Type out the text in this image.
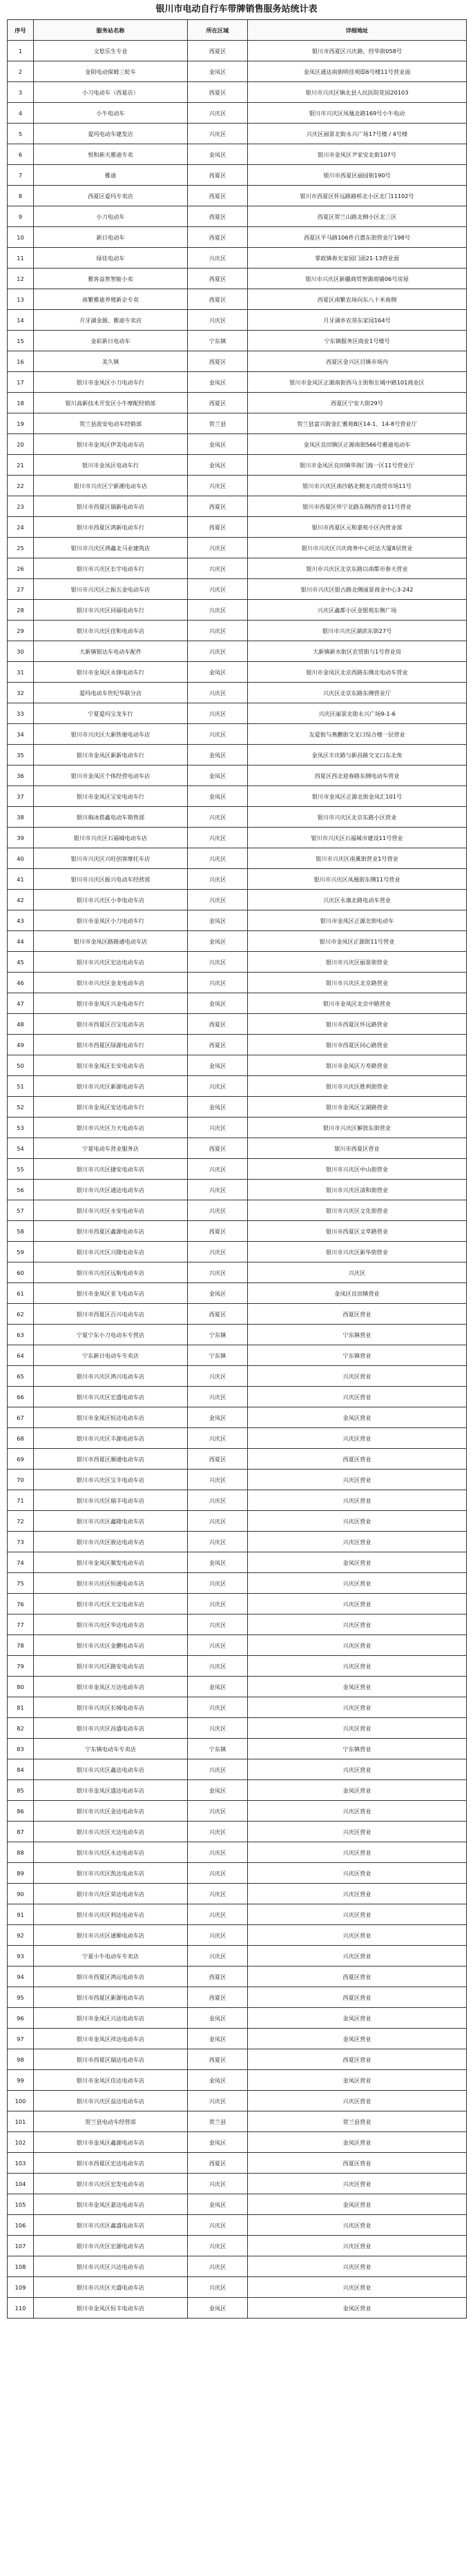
银川市电动自行车带牌销售服务站统计表
序号	服务站名称	所在区域	详细地址
1	文悠乐生专业	西夏区	银川市西夏区兴庆路，经华街058号
2	金阳电动保姆三轮车	金凤区	金凤区通达南街明佳观邸6号楼11号营业面
3	小刀电动车（西夏店）	西夏区	银川市兴庆区镇北县人民医院花园20103
4	小牛电动车	兴庆区	银川市兴庆区凤凰北路169号小牛电动
5	爱玛电动车建发店	兴庆区	兴庆区丽景北街永兴广场17号楼 / 4号楼
6	悦和新天雅迪专卖	金凤区	银川市金凤区尹家安北街107号
7	雅迪	西夏区	银川市西夏区丽园街190号
8	西夏区爱玛专卖店	西夏区	银川市西夏区怀远路路桥北小区北门11102号
9	小刀电动车	西夏区	西夏区贺兰山路北侧小区北三区
10	新日电动车	西夏区	西夏区平马路106件百惠东街营业厅198号
11	绿佳电动车	兴庆区	掌政镇春光家园门面21-13营业面
12	雅客益智智能小卖	西夏区	银川市兴庆区新疆商贸智源商铺06号房屋
13	南繁雅迪养殖新企专卖	西夏区	西夏区南繁农场向东八十米南侧
14	月牙湖金源、雅迪专卖店	兴庆区	月牙湖乡农垦东家园164号
15	金彩新日电动车	宁东镇	宁东镇服务区商业1号楼号
16	美久镇	西夏区	西夏区金兴区目镇市场内
17	银川市金凤区小刀电动车行	金凤区	银川市金凤区正源南街西马主街和长城中路101商业区
18	银川高新技术开发区小牛摩配经销部	西夏区	西夏区宁安大街29号
19	贺兰县波安电动车经销部	贺兰县	贺兰县富兴街金汇雅苑B区14-1、14-8号营业厅
20	银川市金凤区伊美电动车店	金凤区	金凤区良田镇区正源南街566号雅迪电动车
21	银川市金凤区电动车行	金凤区	银川市金凤区良田镇华海门海一区11号营业厅
22	银川市兴庆区宁新湘电动车店	兴庆区	银川市兴庆区南沙路北侧龙兴商贸市场11号
23	银川市西夏区瑞新电动车店	西夏区	银川市西夏区怀宁北路东侧西营业11号营业
24	银川市西夏区鸿新电动车行	西夏区	银川市西夏区元和嘉苑小区内营业部
25	银川市兴庆区鸿鑫北马业建筑店	兴庆区	银川市兴庆区兴庆商务中心旺达大厦8层营业
26	银川市兴庆区长宇电动车行	兴庆区	银川市兴庆区北京东路以南都市春天营业
27	银川市兴庆区之振五金电动车店	兴庆区	银川市兴庆区银古路北侧丽景商业中心3-242
28	银川市兴庆区同福电动车行	兴庆区	兴庆区鑫都小区金银苑东侧广场
29	银川市兴庆区佳和电动车店	兴庆区	银川市兴庆区湖滨东街27号
30	大新镇银达车电动车配件	兴庆区	大新镇新水街区农贸街与1号营业房
31	银川市金凤区永锋电动车行	金凤区	银川市金凤区北京西路东侧北电动车营业
32	爱玛电动车世纪华联分店	兴庆区	兴庆区北京东路东侧营业厅
33	宁夏爱玛宝龙车行	兴庆区	兴庆区丽景北街永兴广场9-1-6
34	银川市兴庆区大新铁驰电动车店	兴庆区	友爱街与燕鹏街交叉口综合楼一层营业
35	银川市金凤区新新电动车行	金凤区	金凤区丰庆路与新昌路交叉口东北角
36	银川市金凤区个体经营电动车店	金凤区	西夏区西北迎春路东侧电动车营业
37	银川市金凤区宝安电动车行	金凤区	银川市金凤区正源北街金凤汇101号
38	银川驹冰搭鑫电动车销售部	兴庆区	银川市兴庆区北京东路小区营业
39	银川市兴庆区石福城电动车店	兴庆区	银川市兴庆区石福城市建设11号营业
40	银川市兴庆区兴旺创客摩托车店	兴庆区	银川市兴庆区南薰街营业1号营业
41	银川市兴庆区振兴电动车经营部	兴庆区	银川市兴庆区凤凰街东侧11号营业
42	银川市兴庆区小李电动车店	兴庆区	兴庆区永康北路电动车营业
43	银川市金凤区小刀电动车行	金凤区	银川市金凤区正源北街电动车
44	银川市金凤区路路通电动车店	金凤区	银川市金凤区正源街11号营业
45	银川市兴庆区宏达电动车店	兴庆区	银川市兴庆区丽景街营业
46	银川市兴庆区金龙电动车店	兴庆区	银川市兴庆区北京路营业
47	银川市金凤区兴业电动车行	金凤区	银川市金凤区北京中路营业
48	银川市西夏区百宝电动车店	西夏区	银川市西夏区怀远路营业
49	银川市西夏区绿源电动车行	西夏区	银川市西夏区同心路营业
50	银川市金凤区长安电动车店	金凤区	银川市金凤区万寿路营业
51	银川市兴庆区新源电动车店	兴庆区	银川市兴庆区胜利街营业
52	银川市金凤区安达电动车行	金凤区	银川市金凤区宝湖路营业
53	银川市兴庆区力天电动车店	兴庆区	银川市兴庆区解放东街营业
54	宁夏电动车营业服务店	西夏区	银川市西夏区营业
55	银川市兴庆区捷安电动车店	兴庆区	银川市兴庆区中山街营业
56	银川市兴庆区通达电动车店	兴庆区	银川市兴庆区清和街营业
57	银川市兴庆区永安电动车店	兴庆区	银川市兴庆区文化街营业
58	银川市西夏区鑫源电动车店	西夏区	银川市西夏区文萃路营业
59	银川市兴庆区兴隆电动车店	兴庆区	银川市兴庆区新华街营业
60	银川市兴庆区远航电动车店	兴庆区	兴庆区
61	银川市金凤区亚飞电动车店	金凤区	金凤区良田镇营业
62	银川市西夏区百兴电动车店	西夏区	西夏区营业
63	宁夏宁东小刀电动车专营店	宁东镇	宁东镇营业
64	宁东新日电动车专卖店	宁东镇	宁东镇营业
65	银川市兴庆区鸿兴电动车店	兴庆区	兴庆区营业
66	银川市兴庆区宏盛电动车店	兴庆区	兴庆区营业
67	银川市金凤区恒达电动车店	金凤区	金凤区营业
68	银川市兴庆区丰源电动车店	兴庆区	兴庆区营业
69	银川市西夏区顺通电动车店	西夏区	西夏区营业
70	银川市兴庆区宝丰电动车店	兴庆区	兴庆区营业
71	银川市兴庆区瑞丰电动车店	兴庆区	兴庆区营业
72	银川市兴庆区鑫隆电动车店	兴庆区	兴庆区营业
73	银川市兴庆区骏达电动车店	兴庆区	兴庆区营业
74	银川市金凤区顺发电动车店	金凤区	金凤区营业
75	银川市兴庆区恒通电动车店	兴庆区	兴庆区营业
76	银川市兴庆区天宝电动车店	兴庆区	兴庆区营业
77	银川市兴庆区华达电动车店	兴庆区	兴庆区营业
78	银川市兴庆区金鹏电动车店	兴庆区	兴庆区营业
79	银川市兴庆区路安电动车店	兴庆区	兴庆区营业
80	银川市金凤区万达电动车店	金凤区	金凤区营业
81	银川市兴庆区长城电动车店	兴庆区	兴庆区营业
82	银川市兴庆区昌盛电动车店	兴庆区	兴庆区营业
83	宁东镇电动车专卖店	宁东镇	宁东镇营业
84	银川市兴庆区鑫达电动车店	兴庆区	兴庆区营业
85	银川市金凤区盛达电动车店	金凤区	金凤区营业
86	银川市兴庆区金达电动车店	兴庆区	兴庆区营业
87	银川市兴庆区天达电动车店	兴庆区	兴庆区营业
88	银川市兴庆区永达电动车店	兴庆区	兴庆区营业
89	银川市兴庆区凯达电动车店	兴庆区	兴庆区营业
90	银川市兴庆区荣达电动车店	兴庆区	兴庆区营业
91	银川市兴庆区利达电动车店	兴庆区	兴庆区营业
92	银川市兴庆区通顺电动车店	兴庆区	兴庆区营业
93	宁夏小牛电动车专卖店	兴庆区	兴庆区营业
94	银川市西夏区鸿运电动车店	西夏区	西夏区营业
95	银川市西夏区新源电动车店	西夏区	西夏区营业
96	银川市金凤区兴达电动车店	金凤区	金凤区营业
97	银川市金凤区祥达电动车店	金凤区	金凤区营业
98	银川市西夏区瑞达电动车店	西夏区	西夏区营业
99	银川市金凤区佳达电动车店	金凤区	金凤区营业
100	银川市兴庆区益达电动车店	兴庆区	兴庆区营业
101	贺兰县电动车经营部	贺兰县	贺兰县营业
102	银川市金凤区鑫源电动车店	金凤区	金凤区营业
103	银川市西夏区宏达电动车店	西夏区	西夏区营业
104	银川市兴庆区宏发电动车店	兴庆区	兴庆区营业
105	银川市金凤区嘉达电动车店	金凤区	金凤区营业
106	银川市兴庆区鑫盛电动车店	兴庆区	兴庆区营业
107	银川市兴庆区宏源电动车店	兴庆区	兴庆区营业
108	银川市兴庆区兴达电动车店	兴庆区	兴庆区营业
109	银川市兴庆区天盛电动车店	兴庆区	兴庆区营业
110	银川市金凤区恒丰电动车店	金凤区	金凤区营业
